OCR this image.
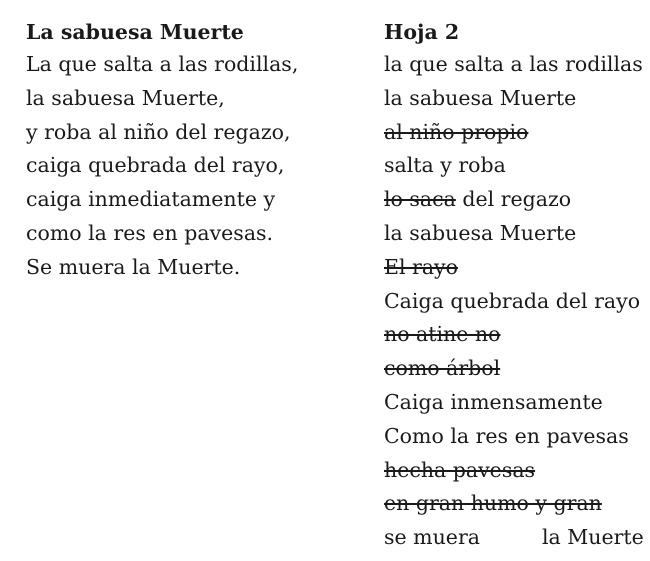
La sabuesa Muerte
La que salta a las rodillas,
la sabuesa Muerte,
y roba al niño del regazo,
caiga quebrada del rayo,
caiga inmediatamente y
como la res en pavesas.
Se muera la Muerte.
Hoja 2
la que salta a las rodillas
la sabuesa Muerte
al niño propio
salta y roba
lo saca del regazo
la sabuesa Muerte
El rayo
Caiga quebrada del rayo
no atine no
como árbol
Caiga inmensamente
Como la res en pavesas
hecha pavesas
en gran humo y gran
se muera	la Muerte
